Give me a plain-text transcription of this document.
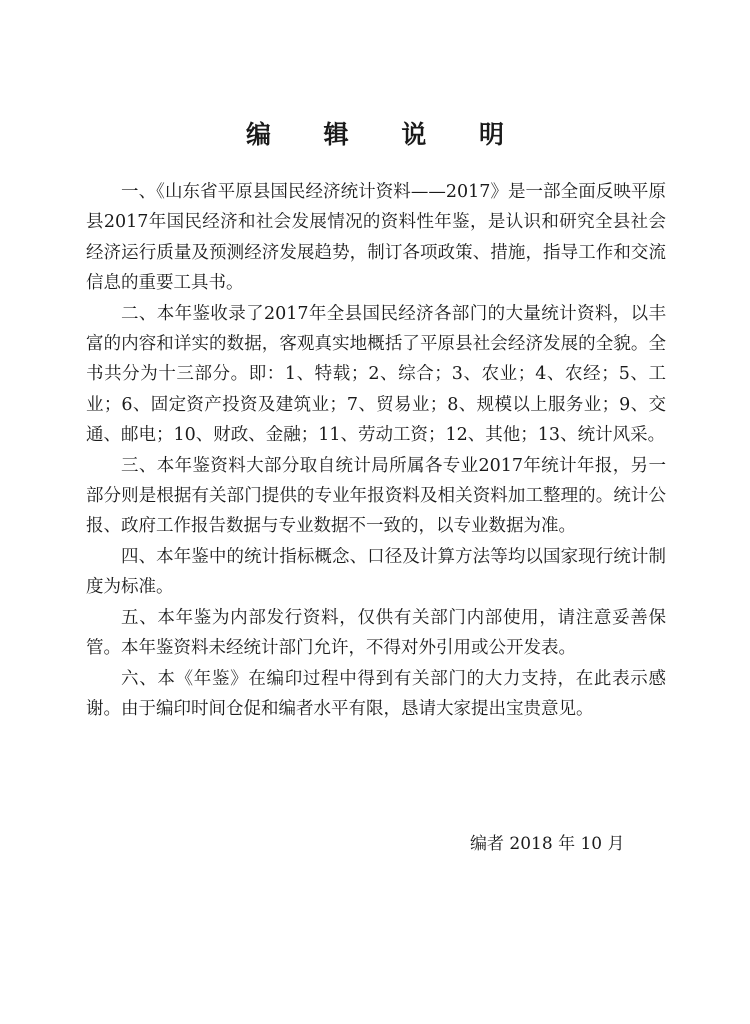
编 辑 说 明

一、《山东省平原县国民经济统计资料——2017》是一部全面反映平原县2017年国民经济和社会发展情况的资料性年鉴，是认识和研究全县社会经济运行质量及预测经济发展趋势，制订各项政策、措施，指导工作和交流信息的重要工具书。

二、本年鉴收录了2017年全县国民经济各部门的大量统计资料，以丰富的内容和详实的数据，客观真实地概括了平原县社会经济发展的全貌。全书共分为十三部分。即：1、特载；2、综合；3、农业；4、农经；5、工业；6、固定资产投资及建筑业；7、贸易业；8、规模以上服务业；9、交通、邮电；10、财政、金融；11、劳动工资；12、其他；13、统计风采。

三、本年鉴资料大部分取自统计局所属各专业2017年统计年报，另一部分则是根据有关部门提供的专业年报资料及相关资料加工整理的。统计公报、政府工作报告数据与专业数据不一致的，以专业数据为准。

四、本年鉴中的统计指标概念、口径及计算方法等均以国家现行统计制度为标准。

五、本年鉴为内部发行资料，仅供有关部门内部使用，请注意妥善保管。本年鉴资料未经统计部门允许，不得对外引用或公开发表。

六、本《年鉴》在编印过程中得到有关部门的大力支持，在此表示感谢。由于编印时间仓促和编者水平有限，恳请大家提出宝贵意见。

编者 2018 年 10 月
